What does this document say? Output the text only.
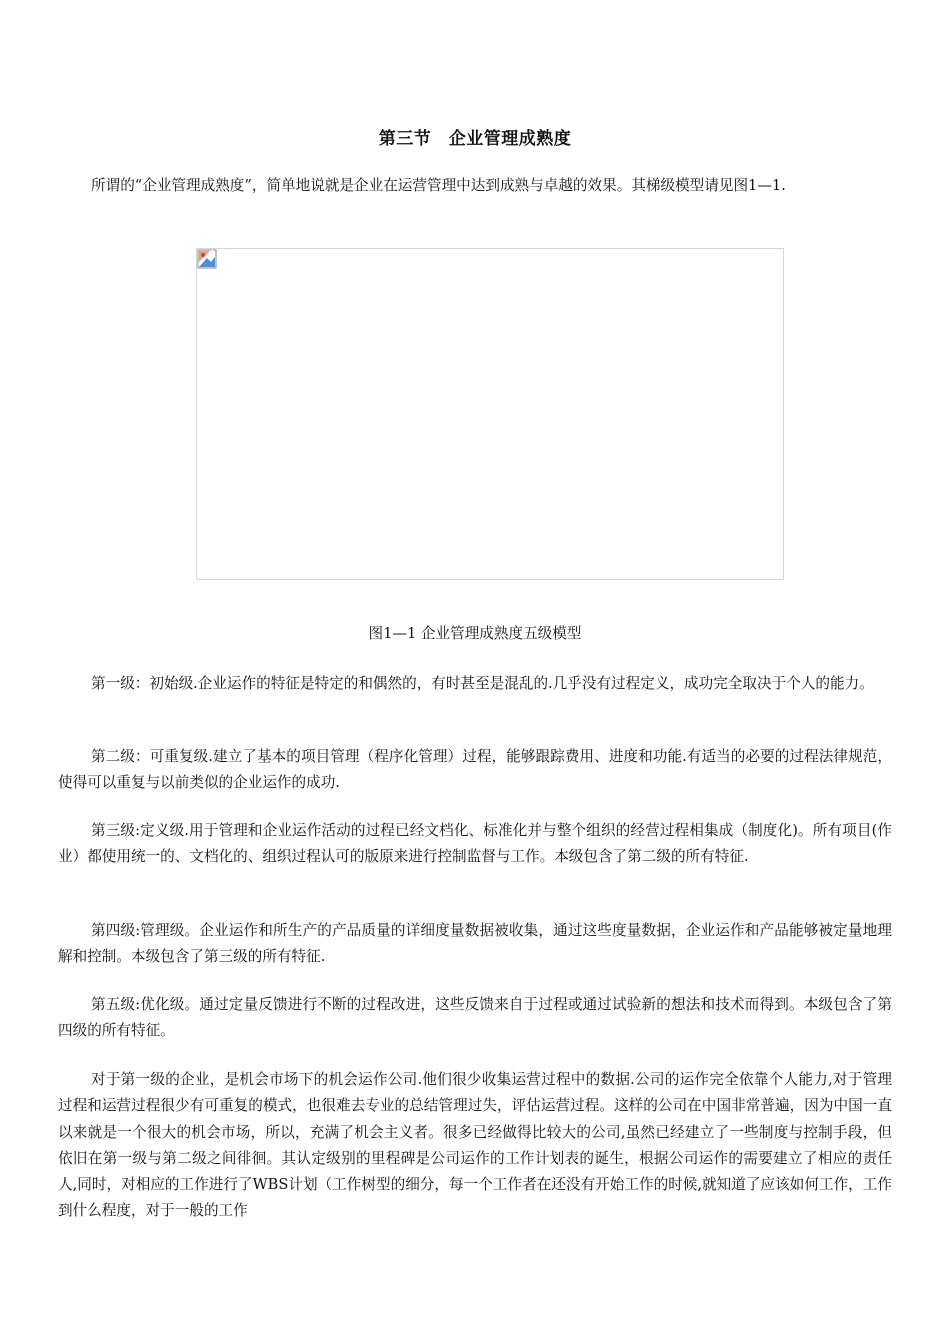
第三节　企业管理成熟度

所谓的“企业管理成熟度”，简单地说就是企业在运营管理中达到成熟与卓越的效果。其梯级模型请见图1—1.

图1—1 企业管理成熟度五级模型

第一级：初始级.企业运作的特征是特定的和偶然的，有时甚至是混乱的.几乎没有过程定义，成功完全取决于个人的能力。

第二级：可重复级.建立了基本的项目管理（程序化管理）过程，能够跟踪费用、进度和功能.有适当的必要的过程法律规范，使得可以重复与以前类似的企业运作的成功.

第三级:定义级.用于管理和企业运作活动的过程已经文档化、标准化并与整个组织的经营过程相集成（制度化)。所有项目(作业）都使用统一的、文档化的、组织过程认可的版原来进行控制监督与工作。本级包含了第二级的所有特征.

第四级:管理级。企业运作和所生产的产品质量的详细度量数据被收集，通过这些度量数据，企业运作和产品能够被定量地理解和控制。本级包含了第三级的所有特征.

第五级:优化级。通过定量反馈进行不断的过程改进，这些反馈来自于过程或通过试验新的想法和技术而得到。本级包含了第四级的所有特征。

对于第一级的企业，是机会市场下的机会运作公司.他们很少收集运营过程中的数据.公司的运作完全依靠个人能力,对于管理过程和运营过程很少有可重复的模式，也很难去专业的总结管理过失，评估运营过程。这样的公司在中国非常普遍，因为中国一直以来就是一个很大的机会市场，所以，充满了机会主义者。很多已经做得比较大的公司,虽然已经建立了一些制度与控制手段，但依旧在第一级与第二级之间徘徊。其认定级别的里程碑是公司运作的工作计划表的诞生，根据公司运作的需要建立了相应的责任人,同时，对相应的工作进行了WBS计划（工作树型的细分，每一个工作者在还没有开始工作的时候,就知道了应该如何工作，工作到什么程度，对于一般的工作
